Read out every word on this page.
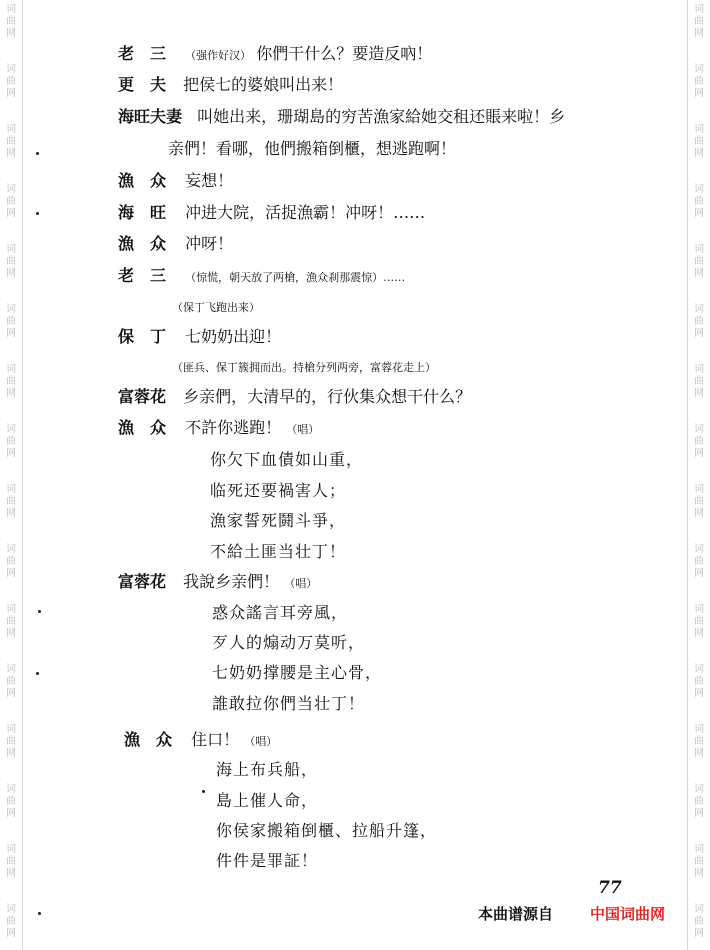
词
曲
网
词
曲
网
词
曲
网
词
曲
网
词
曲
网
词
曲
网
词
曲
网
词
曲
网
词
曲
网
词
曲
网
词
曲
网
词
曲
网
词
曲
网
词
曲
网
词
曲
网
词
曲
网
词
曲
网
词
曲
网
词
曲
网
词
曲
网
词
曲
网
词
曲
网
词
曲
网
词
曲
网
词
曲
网
词
曲
网
词
曲
网
词
曲
网
词
曲
网
词
曲
网
词
曲
网
词
曲
网
老　三 （强作好汉） 你們干什么？要造反吶！
更　夫 把侯七的婆娘叫出来！
海旺夫妻 叫她出来，珊瑚島的穷苦漁家給她交租还賬来啦！乡
亲們！看哪，他們搬箱倒櫃，想逃跑啊！
漁　众 妄想！
海　旺 冲进大院，活捉漁霸！冲呀！……
漁　众 冲呀！
老　三 （惊慌，朝天放了两槍，漁众刹那震惊）……
（保丁飞跑出来）
保　丁 七奶奶出迎！
（匪兵、保丁簇拥而出。持槍分列两旁，富蓉花走上）
富蓉花 乡亲們，大清早的，行伙集众想干什么？
漁　众 不許你逃跑！ （唱）
你欠下血債如山重，
临死还要禍害人；
漁家誓死鬪斗爭，
不給土匪当壮丁！
富蓉花 我說乡亲們！ （唱）
惑众謠言耳旁風，
歹人的煽动万莫听，
七奶奶撑腰是主心骨，
誰敢拉你們当壮丁！
漁　众 住口！ （唱）
海上布兵船，
島上催人命，
你侯家搬箱倒櫃、拉船升篷，
件件是罪証！
77
本曲谱源自 中国词曲网
